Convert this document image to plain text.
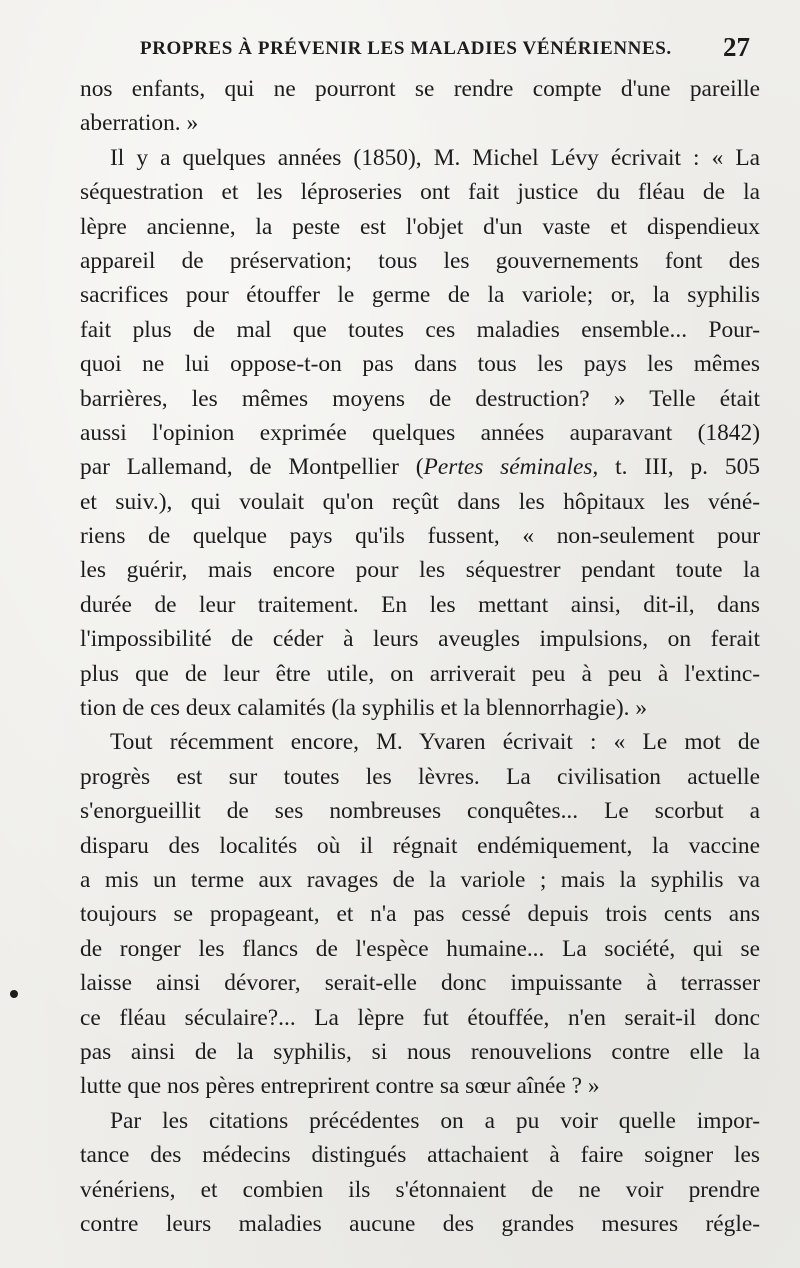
PROPRES À PRÉVENIR LES MALADIES VÉNÉRIENNES. 27
nos enfants, qui ne pourront se rendre compte d'une pareille
aberration. »
Il y a quelques années (1850), M. Michel Lévy écrivait : « La
séquestration et les léproseries ont fait justice du fléau de la
lèpre ancienne, la peste est l'objet d'un vaste et dispendieux
appareil de préservation; tous les gouvernements font des
sacrifices pour étouffer le germe de la variole; or, la syphilis
fait plus de mal que toutes ces maladies ensemble... Pour-
quoi ne lui oppose-t-on pas dans tous les pays les mêmes
barrières, les mêmes moyens de destruction? » Telle était
aussi l'opinion exprimée quelques années auparavant (1842)
par Lallemand, de Montpellier (Pertes séminales, t. III, p. 505
et suiv.), qui voulait qu'on reçût dans les hôpitaux les véné-
riens de quelque pays qu'ils fussent, « non-seulement pour
les guérir, mais encore pour les séquestrer pendant toute la
durée de leur traitement. En les mettant ainsi, dit-il, dans
l'impossibilité de céder à leurs aveugles impulsions, on ferait
plus que de leur être utile, on arriverait peu à peu à l'extinc-
tion de ces deux calamités (la syphilis et la blennorrhagie). »
Tout récemment encore, M. Yvaren écrivait : « Le mot de
progrès est sur toutes les lèvres. La civilisation actuelle
s'enorgueillit de ses nombreuses conquêtes... Le scorbut a
disparu des localités où il régnait endémiquement, la vaccine
a mis un terme aux ravages de la variole ; mais la syphilis va
toujours se propageant, et n'a pas cessé depuis trois cents ans
de ronger les flancs de l'espèce humaine... La société, qui se
laisse ainsi dévorer, serait-elle donc impuissante à terrasser
ce fléau séculaire?... La lèpre fut étouffée, n'en serait-il donc
pas ainsi de la syphilis, si nous renouvelions contre elle la
lutte que nos pères entreprirent contre sa sœur aînée ? »
Par les citations précédentes on a pu voir quelle impor-
tance des médecins distingués attachaient à faire soigner les
vénériens, et combien ils s'étonnaient de ne voir prendre
contre leurs maladies aucune des grandes mesures régle-
